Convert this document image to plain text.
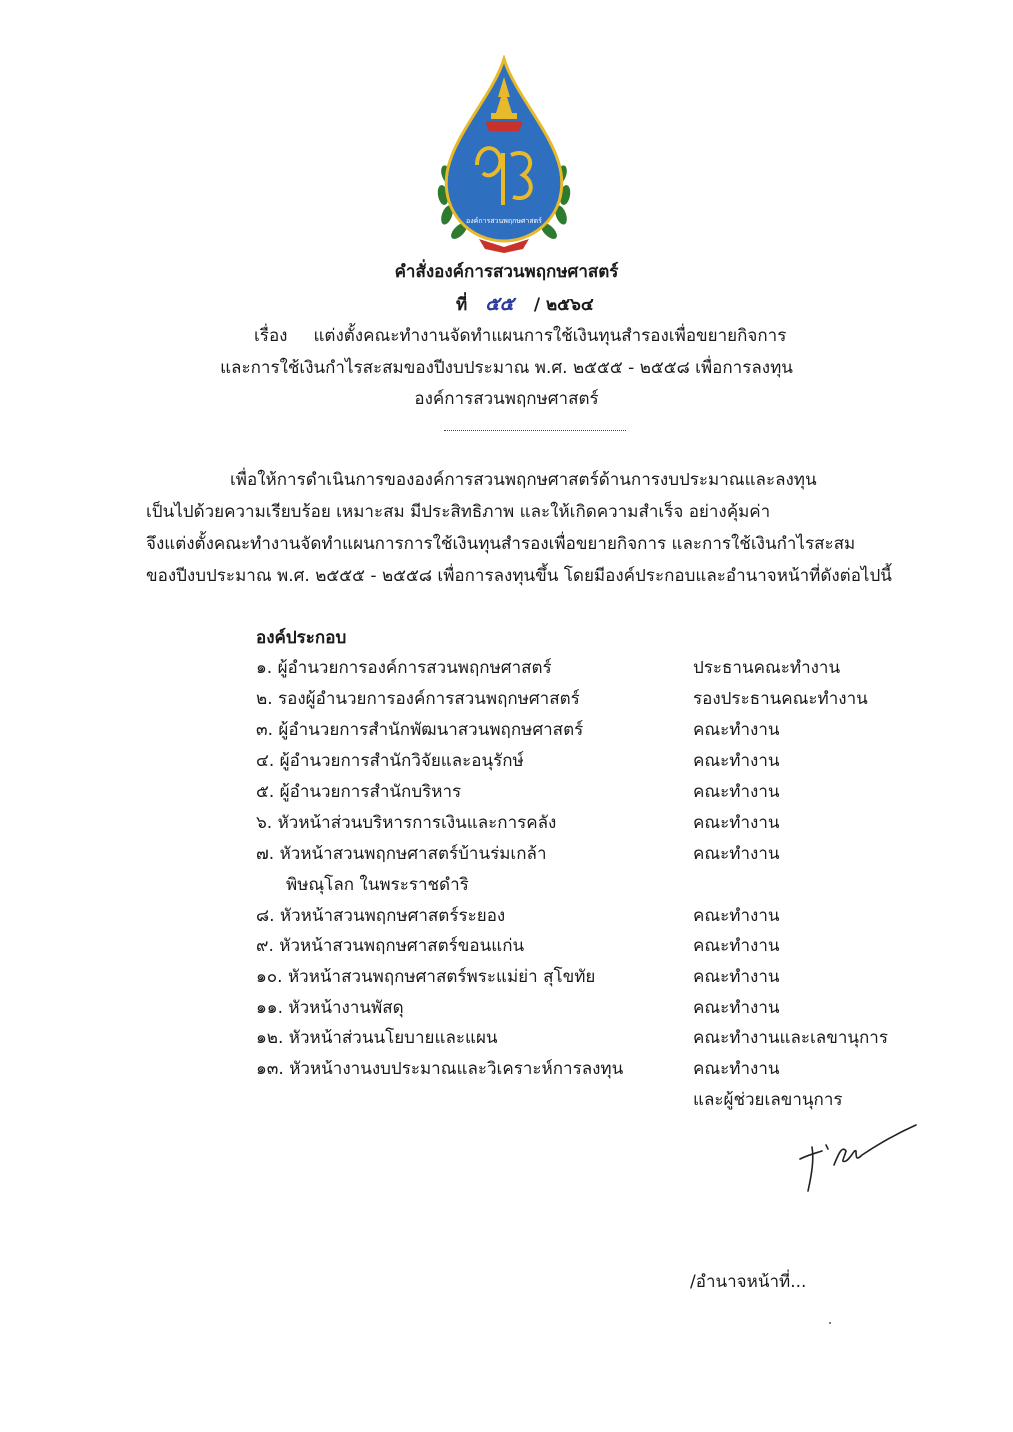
องค์การสวนพฤกษศาสตร์
คำสั่งองค์การสวนพฤกษศาสตร์
ที่ ๕๕ / ๒๕๖๔
เรื่อง แต่งตั้งคณะทำงานจัดทำแผนการใช้เงินทุนสำรองเพื่อขยายกิจการ
และการใช้เงินกำไรสะสมของปีงบประมาณ พ.ศ. ๒๕๕๕ - ๒๕๕๘ เพื่อการลงทุน
องค์การสวนพฤกษศาสตร์
เพื่อให้การดำเนินการขององค์การสวนพฤกษศาสตร์ด้านการงบประมาณและลงทุน
เป็นไปด้วยความเรียบร้อย เหมาะสม มีประสิทธิภาพ และให้เกิดความสำเร็จ อย่างคุ้มค่า
จึงแต่งตั้งคณะทำงานจัดทำแผนการการใช้เงินทุนสำรองเพื่อขยายกิจการ และการใช้เงินกำไรสะสม
ของปีงบประมาณ พ.ศ. ๒๕๕๕ - ๒๕๕๘ เพื่อการลงทุนขึ้น โดยมีองค์ประกอบและอำนาจหน้าที่ดังต่อไปนี้
องค์ประกอบ
๑. ผู้อำนวยการองค์การสวนพฤกษศาสตร์	ประธานคณะทำงาน
๒. รองผู้อำนวยการองค์การสวนพฤกษศาสตร์	รองประธานคณะทำงาน
๓. ผู้อำนวยการสำนักพัฒนาสวนพฤกษศาสตร์	คณะทำงาน
๔. ผู้อำนวยการสำนักวิจัยและอนุรักษ์	คณะทำงาน
๕. ผู้อำนวยการสำนักบริหาร	คณะทำงาน
๖. หัวหน้าส่วนบริหารการเงินและการคลัง	คณะทำงาน
๗. หัวหน้าสวนพฤกษศาสตร์บ้านร่มเกล้า	คณะทำงาน
พิษณุโลก ในพระราชดำริ
๘. หัวหน้าสวนพฤกษศาสตร์ระยอง	คณะทำงาน
๙. หัวหน้าสวนพฤกษศาสตร์ขอนแก่น	คณะทำงาน
๑๐. หัวหน้าสวนพฤกษศาสตร์พระแม่ย่า สุโขทัย	คณะทำงาน
๑๑. หัวหน้างานพัสดุ	คณะทำงาน
๑๒. หัวหน้าส่วนนโยบายและแผน	คณะทำงานและเลขานุการ
๑๓. หัวหน้างานงบประมาณและวิเคราะห์การลงทุน	คณะทำงาน
และผู้ช่วยเลขานุการ
/อำนาจหน้าที่...
